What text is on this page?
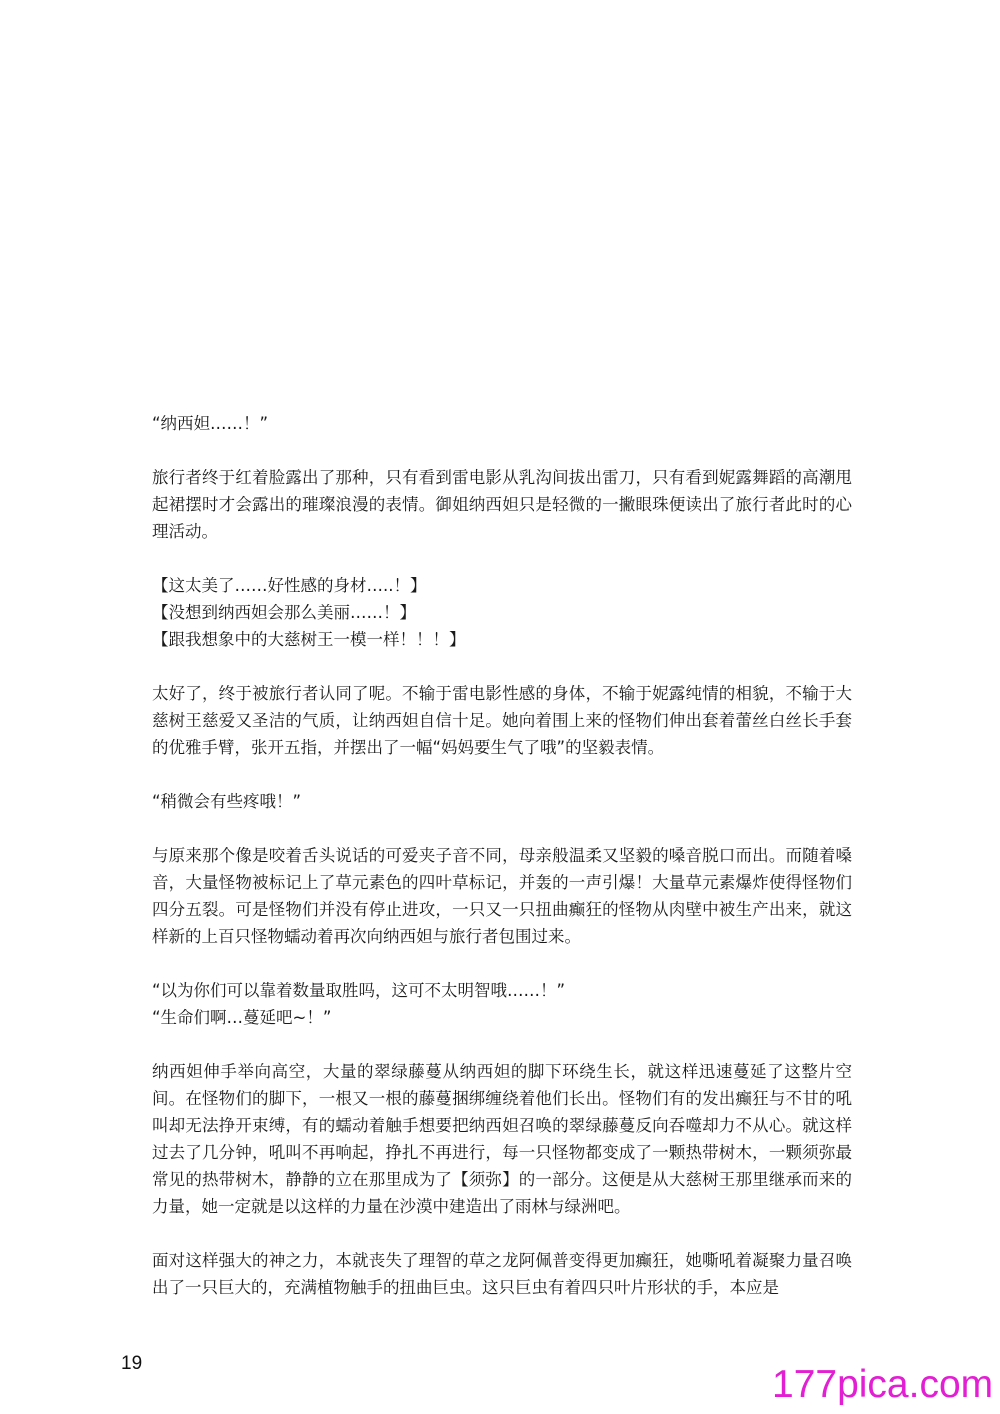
“纳西妲……！”

旅行者终于红着脸露出了那种，只有看到雷电影从乳沟间拔出雷刀，只有看到妮露舞蹈的高潮甩起裙摆时才会露出的璀璨浪漫的表情。御姐纳西妲只是轻微的一撇眼珠便读出了旅行者此时的心理活动。

【这太美了……好性感的身材…..！】
【没想到纳西妲会那么美丽……！】
【跟我想象中的大慈树王一模一样！！！】

太好了，终于被旅行者认同了呢。不输于雷电影性感的身体，不输于妮露纯情的相貌，不输于大慈树王慈爱又圣洁的气质，让纳西妲自信十足。她向着围上来的怪物们伸出套着蕾丝白丝长手套的优雅手臂，张开五指，并摆出了一幅“妈妈要生气了哦”的坚毅表情。

“稍微会有些疼哦！”

与原来那个像是咬着舌头说话的可爱夹子音不同，母亲般温柔又坚毅的嗓音脱口而出。而随着嗓音，大量怪物被标记上了草元素色的四叶草标记，并轰的一声引爆！大量草元素爆炸使得怪物们四分五裂。可是怪物们并没有停止进攻，一只又一只扭曲癫狂的怪物从肉壁中被生产出来，就这样新的上百只怪物蠕动着再次向纳西妲与旅行者包围过来。

“以为你们可以靠着数量取胜吗，这可不太明智哦……！”
“生命们啊…蔓延吧~！”

纳西妲伸手举向高空，大量的翠绿藤蔓从纳西妲的脚下环绕生长，就这样迅速蔓延了这整片空间。在怪物们的脚下，一根又一根的藤蔓捆绑缠绕着他们长出。怪物们有的发出癫狂与不甘的吼叫却无法挣开束缚，有的蠕动着触手想要把纳西妲召唤的翠绿藤蔓反向吞噬却力不从心。就这样过去了几分钟，吼叫不再响起，挣扎不再进行，每一只怪物都变成了一颗热带树木，一颗须弥最常见的热带树木，静静的立在那里成为了【须弥】的一部分。这便是从大慈树王那里继承而来的力量，她一定就是以这样的力量在沙漠中建造出了雨林与绿洲吧。

面对这样强大的神之力，本就丧失了理智的草之龙阿佩普变得更加癫狂，她嘶吼着凝聚力量召唤出了一只巨大的，充满植物触手的扭曲巨虫。这只巨虫有着四只叶片形状的手，本应是

19	177pica.com
